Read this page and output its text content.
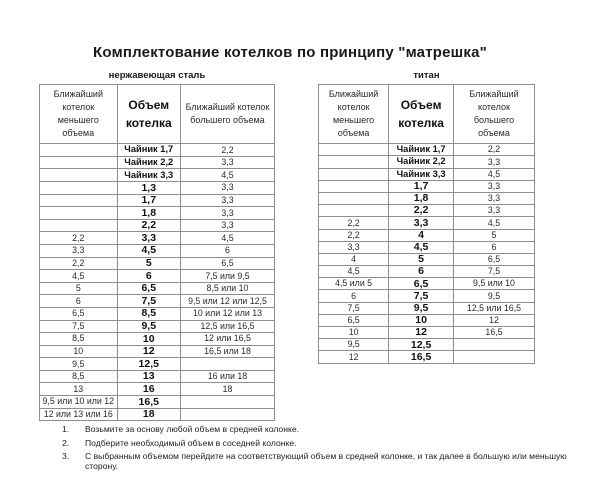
Комплектование котелков по принципу "матрешка"
нержавеющая сталь	титан
Ближайший котелок меньшего объема	Объем котелка	Ближайший котелок большего объема
	Чайник 1,7	2,2
	Чайник 2,2	3,3
	Чайник 3,3	4,5
	1,3	3,3
	1,7	3,3
	1,8	3,3
	2,2	3,3
2,2	3,3	4,5
3,3	4,5	6
2,2	5	6,5
4,5	6	7,5 или 9,5
5	6,5	8,5 или 10
6	7,5	9,5 или 12 или 12,5
6,5	8,5	10 или 12 или 13
7,5	9,5	12,5 или 16,5
8,5	10	12 или 16,5
10	12	16,5 или 18
9,5	12,5	
8,5	13	16 или 18
13	16	18
9,5 или 10 или 12	16,5	
12 или 13 или 16	18	
Ближайший котелок меньшего объема	Объем котелка	Ближайший котелок большего объема
	Чайник 1,7	2,2
	Чайник 2,2	3,3
	Чайник 3,3	4,5
	1,7	3,3
	1,8	3,3
	2,2	3,3
2,2	3,3	4,5
2,2	4	5
3,3	4,5	6
4	5	6,5
4,5	6	7,5
4,5 или 5	6,5	9,5 или 10
6	7,5	9,5
7,5	9,5	12,5 или 16,5
6,5	10	12
10	12	16,5
9,5	12,5	
12	16,5	
1.	Возьмите за основу любой объем в средней колонке.
2.	Подберите необходимый объем в соседней колонке.
3.	С выбранным объемом перейдите на соответствующий объем в средней колонке, и так далее в большую или меньшую сторону.
